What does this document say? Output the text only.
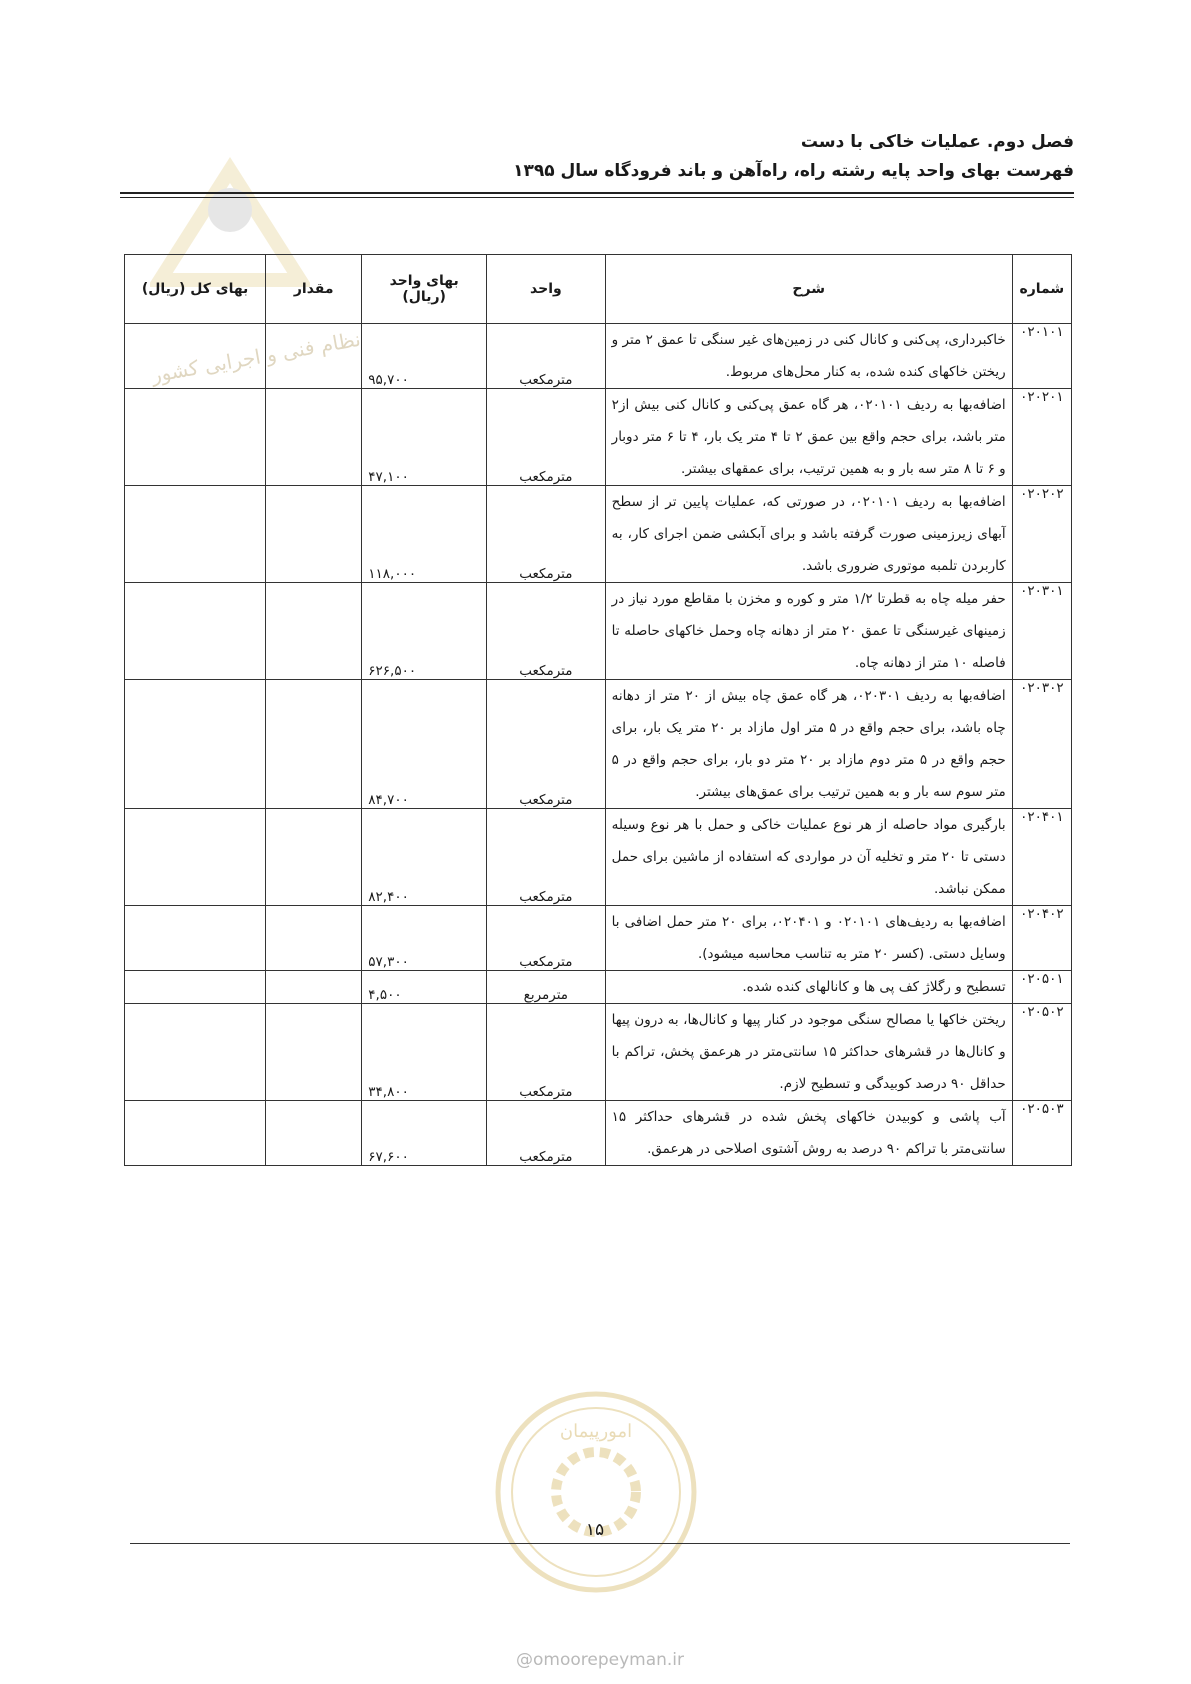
نظام فنی و اجرایی کشور
فصل دوم. عملیات خاکی با دست
فهرست بهای واحد پایه رشته راه، راه‌آهن و باند فرودگاه سال ۱۳۹۵
شماره	شرح	واحد	بهای واحد (ریال)	مقدار	بهای کل (ریال)
۰۲۰۱۰۱	خاکبرداری، پی‌کنی و کانال کنی در زمین‌های غیر سنگی تا عمق ۲ متر و ریختن خاکهای کنده شده، به کنار محل‌های مربوط.	مترمکعب	۹۵,۷۰۰		
۰۲۰۲۰۱	اضافه‌بها به ردیف ۰۲۰۱۰۱، هر گاه عمق پی‌کنی و کانال کنی بیش از۲ متر باشد، برای حجم واقع بین عمق ۲ تا ۴ متر یک بار، ۴ تا ۶ متر دوبار و ۶ تا ۸ متر سه بار و به همین ترتیب، برای عمقهای بیشتر.	مترمکعب	۴۷,۱۰۰		
۰۲۰۲۰۲	اضافه‌بها به ردیف ۰۲۰۱۰۱، در صورتی که، عملیات پایین تر از سطح آبهای زیرزمینی صورت گرفته باشد و برای آبکشی ضمن اجرای کار، به کاربردن تلمبه موتوری ضروری باشد.	مترمکعب	۱۱۸,۰۰۰		
۰۲۰۳۰۱	حفر میله چاه به قطرتا ۱/۲ متر و کوره و مخزن با مقاطع مورد نیاز در زمینهای غیرسنگی تا عمق ۲۰ متر از دهانه چاه وحمل خاکهای حاصله تا فاصله ۱۰ متر از دهانه چاه.	مترمکعب	۶۲۶,۵۰۰		
۰۲۰۳۰۲	اضافه‌بها به ردیف ۰۲۰۳۰۱، هر گاه عمق چاه بیش از ۲۰ متر از دهانه چاه باشد، برای حجم واقع در ۵ متر اول مازاد بر ۲۰ متر یک بار، برای حجم واقع در ۵ متر دوم مازاد بر ۲۰ متر دو بار، برای حجم واقع در ۵ متر سوم سه بار و به همین ترتیب برای عمق‌های بیشتر.	مترمکعب	۸۴,۷۰۰		
۰۲۰۴۰۱	بارگیری مواد حاصله از هر نوع عملیات خاکی و حمل با هر نوع وسیله دستی تا ۲۰ متر و تخلیه آن در مواردی که استفاده از ماشین برای حمل ممکن نباشد.	مترمکعب	۸۲,۴۰۰		
۰۲۰۴۰۲	اضافه‌بها به ردیف‌های ۰۲۰۱۰۱ و ۰۲۰۴۰۱، برای ۲۰ متر حمل اضافی با وسایل دستی. (کسر ۲۰ متر به تناسب محاسبه میشود).	مترمکعب	۵۷,۳۰۰		
۰۲۰۵۰۱	تسطیح و رگلاژ کف پی ها و کانالهای کنده شده.	مترمربع	۴,۵۰۰		
۰۲۰۵۰۲	ریختن خاکها یا مصالح سنگی موجود در کنار پیها و کانال‌ها، به درون پیها و کانال‌ها در قشرهای حداکثر ۱۵ سانتی‌متر در هرعمق پخش، تراکم با حداقل ۹۰ درصد کوبیدگی و تسطیح لازم.	مترمکعب	۳۴,۸۰۰		
۰۲۰۵۰۳	آب پاشی و کوبیدن خاکهای پخش شده در قشرهای حداکثر ۱۵ سانتی‌متر با تراکم ۹۰ درصد به روش آشتوی اصلاحی در هرعمق.	مترمکعب	۶۷,۶۰۰		
امورپیمان
۱۵
@omoorepeyman.ir
